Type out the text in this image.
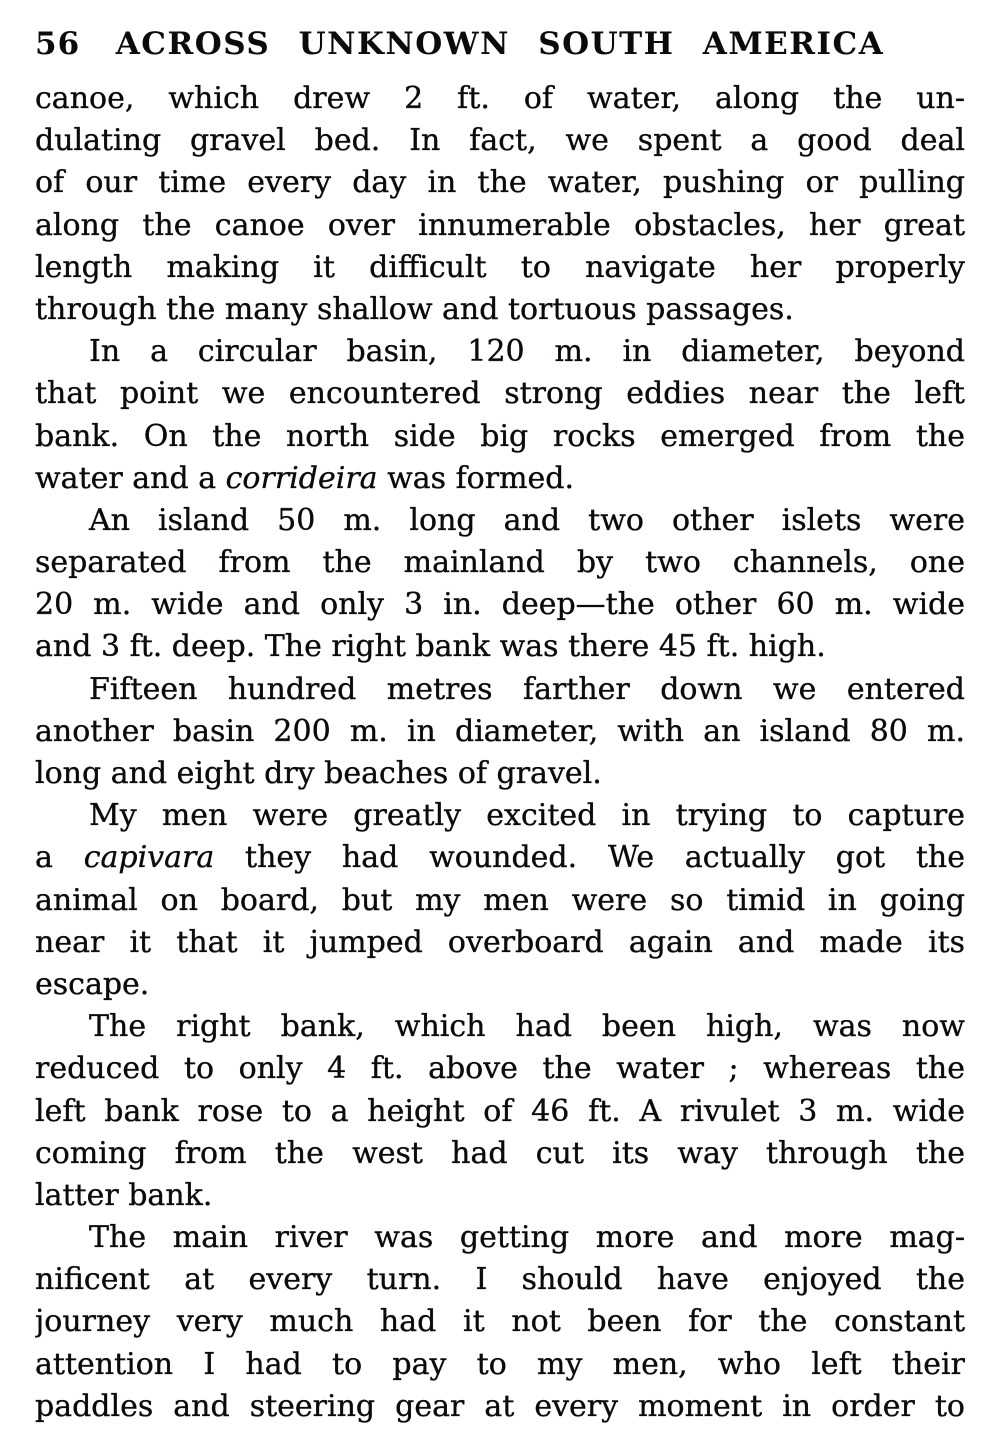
56	ACROSS UNKNOWN SOUTH AMERICA
canoe, which drew 2 ft. of water, along the un-
dulating gravel bed. In fact, we spent a good deal
of our time every day in the water, pushing or pulling
along the canoe over innumerable obstacles, her great
length making it difficult to navigate her properly
through the many shallow and tortuous passages.
In a circular basin, 120 m. in diameter, beyond
that point we encountered strong eddies near the left
bank. On the north side big rocks emerged from the
water and a corrideira was formed.
An island 50 m. long and two other islets were
separated from the mainland by two channels, one
20 m. wide and only 3 in. deep—the other 60 m. wide
and 3 ft. deep. The right bank was there 45 ft. high.
Fifteen hundred metres farther down we entered
another basin 200 m. in diameter, with an island 80 m.
long and eight dry beaches of gravel.
My men were greatly excited in trying to capture
a capivara they had wounded. We actually got the
animal on board, but my men were so timid in going
near it that it jumped overboard again and made its
escape.
The right bank, which had been high, was now
reduced to only 4 ft. above the water ; whereas the
left bank rose to a height of 46 ft. A rivulet 3 m. wide
coming from the west had cut its way through the
latter bank.
The main river was getting more and more mag-
nificent at every turn. I should have enjoyed the
journey very much had it not been for the constant
attention I had to pay to my men, who left their
paddles and steering gear at every moment in order to
